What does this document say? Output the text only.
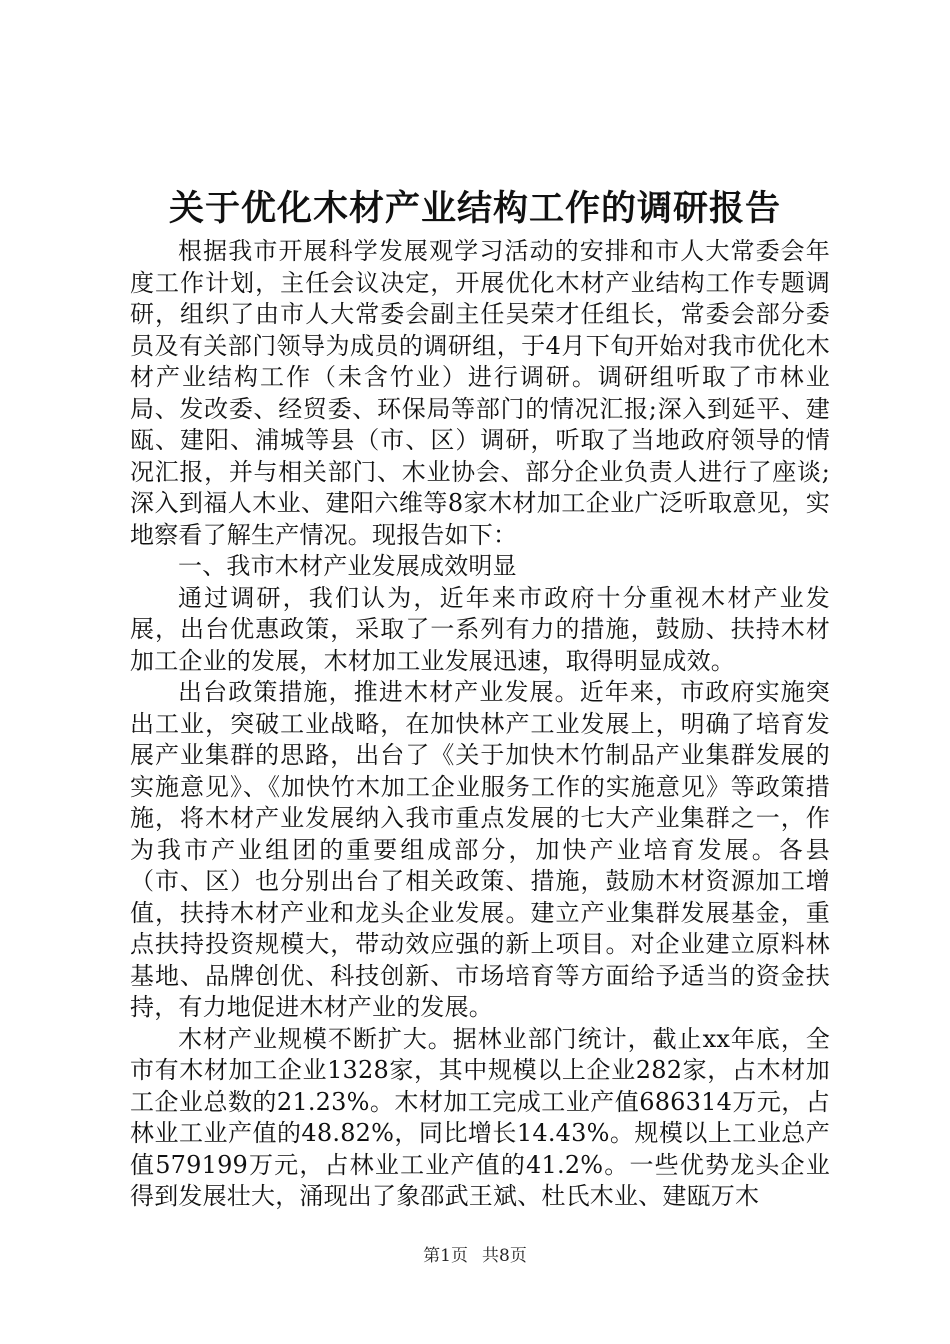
关于优化木材产业结构工作的调研报告

根据我市开展科学发展观学习活动的安排和市人大常委会年度工作计划，主任会议决定，开展优化木材产业结构工作专题调研，组织了由市人大常委会副主任吴荣才任组长，常委会部分委员及有关部门领导为成员的调研组，于4月下旬开始对我市优化木材产业结构工作（未含竹业）进行调研。调研组听取了市林业局、发改委、经贸委、环保局等部门的情况汇报;深入到延平、建瓯、建阳、浦城等县（市、区）调研，听取了当地政府领导的情况汇报，并与相关部门、木业协会、部分企业负责人进行了座谈;深入到福人木业、建阳六维等8家木材加工企业广泛听取意见，实地察看了解生产情况。现报告如下：

一、我市木材产业发展成效明显

通过调研，我们认为，近年来市政府十分重视木材产业发展，出台优惠政策，采取了一系列有力的措施，鼓励、扶持木材加工企业的发展，木材加工业发展迅速，取得明显成效。

出台政策措施，推进木材产业发展。近年来，市政府实施突出工业，突破工业战略，在加快林产工业发展上，明确了培育发展产业集群的思路，出台了《关于加快木竹制品产业集群发展的实施意见》、《加快竹木加工企业服务工作的实施意见》等政策措施，将木材产业发展纳入我市重点发展的七大产业集群之一，作为我市产业组团的重要组成部分，加快产业培育发展。各县（市、区）也分别出台了相关政策、措施，鼓励木材资源加工增值，扶持木材产业和龙头企业发展。建立产业集群发展基金，重点扶持投资规模大，带动效应强的新上项目。对企业建立原料林基地、品牌创优、科技创新、市场培育等方面给予适当的资金扶持，有力地促进木材产业的发展。

木材产业规模不断扩大。据林业部门统计，截止xx年底，全市有木材加工企业1328家，其中规模以上企业282家，占木材加工企业总数的21.23%。木材加工完成工业产值686314万元，占林业工业产值的48.82%，同比增长14.43%。规模以上工业总产值579199万元，占林业工业产值的41.2%。一些优势龙头企业得到发展壮大，涌现出了象邵武王斌、杜氏木业、建瓯万木

第1页 共8页
